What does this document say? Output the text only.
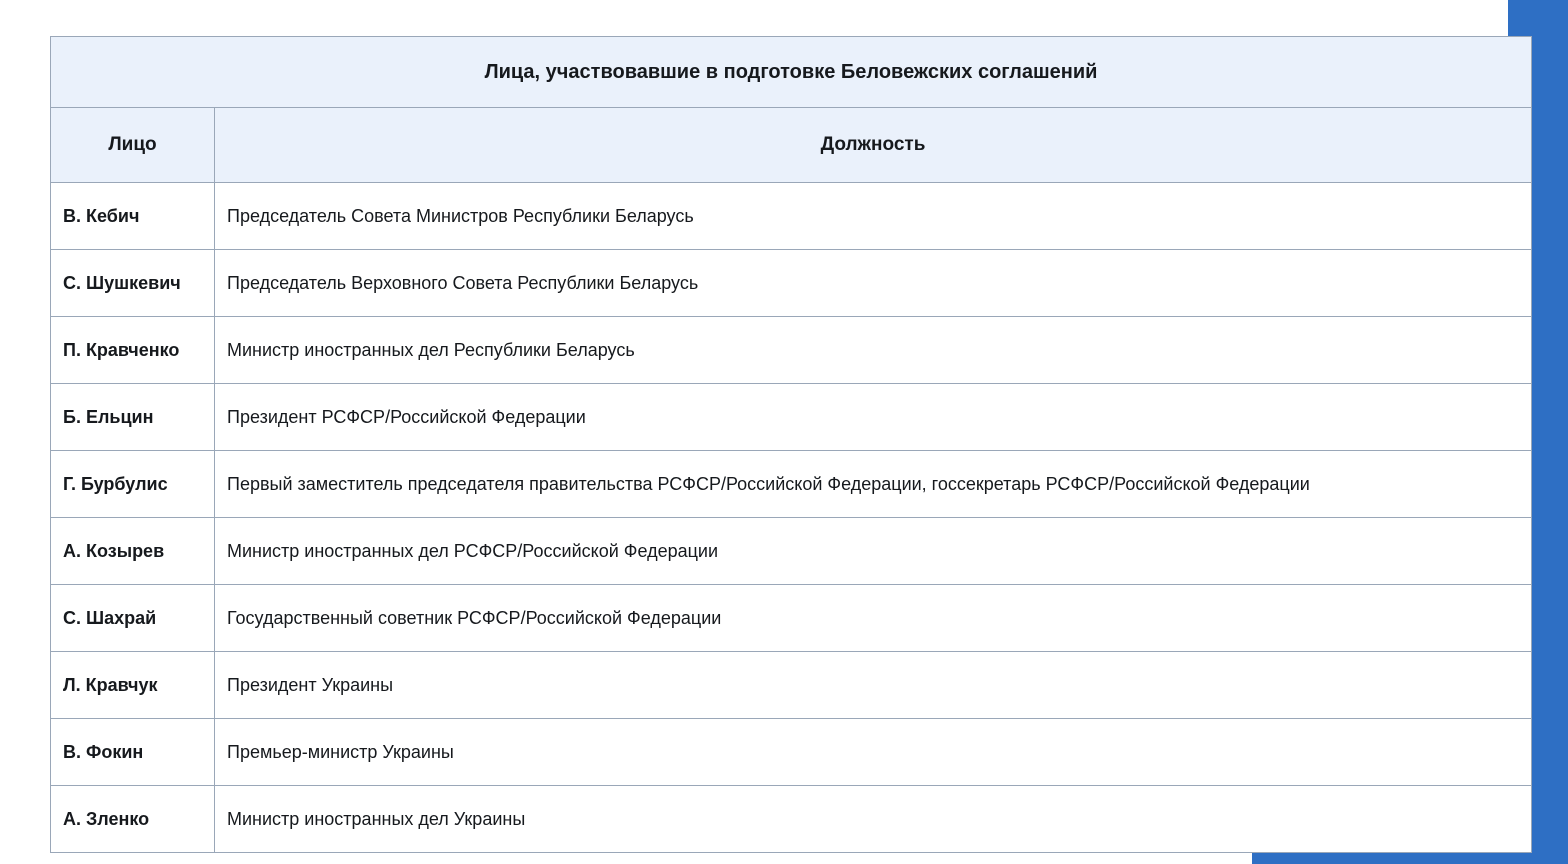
Лица, участвовавшие в подготовке Беловежских соглашений	
Лицо	Должность
В. Кебич	Председатель Совета Министров Республики Беларусь
С. Шушкевич	Председатель Верховного Совета Республики Беларусь
П. Кравченко	Министр иностранных дел Республики Беларусь
Б. Ельцин	Президент РСФСР/Российской Федерации
Г. Бурбулис	Первый заместитель председателя правительства РСФСР/Российской Федерации, госсекретарь РСФСР/Российской Федерации
А. Козырев	Министр иностранных дел РСФСР/Российской Федерации
С. Шахрай	Государственный советник РСФСР/Российской Федерации
Л. Кравчук	Президент Украины
В. Фокин	Премьер-министр Украины
А. Зленко	Министр иностранных дел Украины
